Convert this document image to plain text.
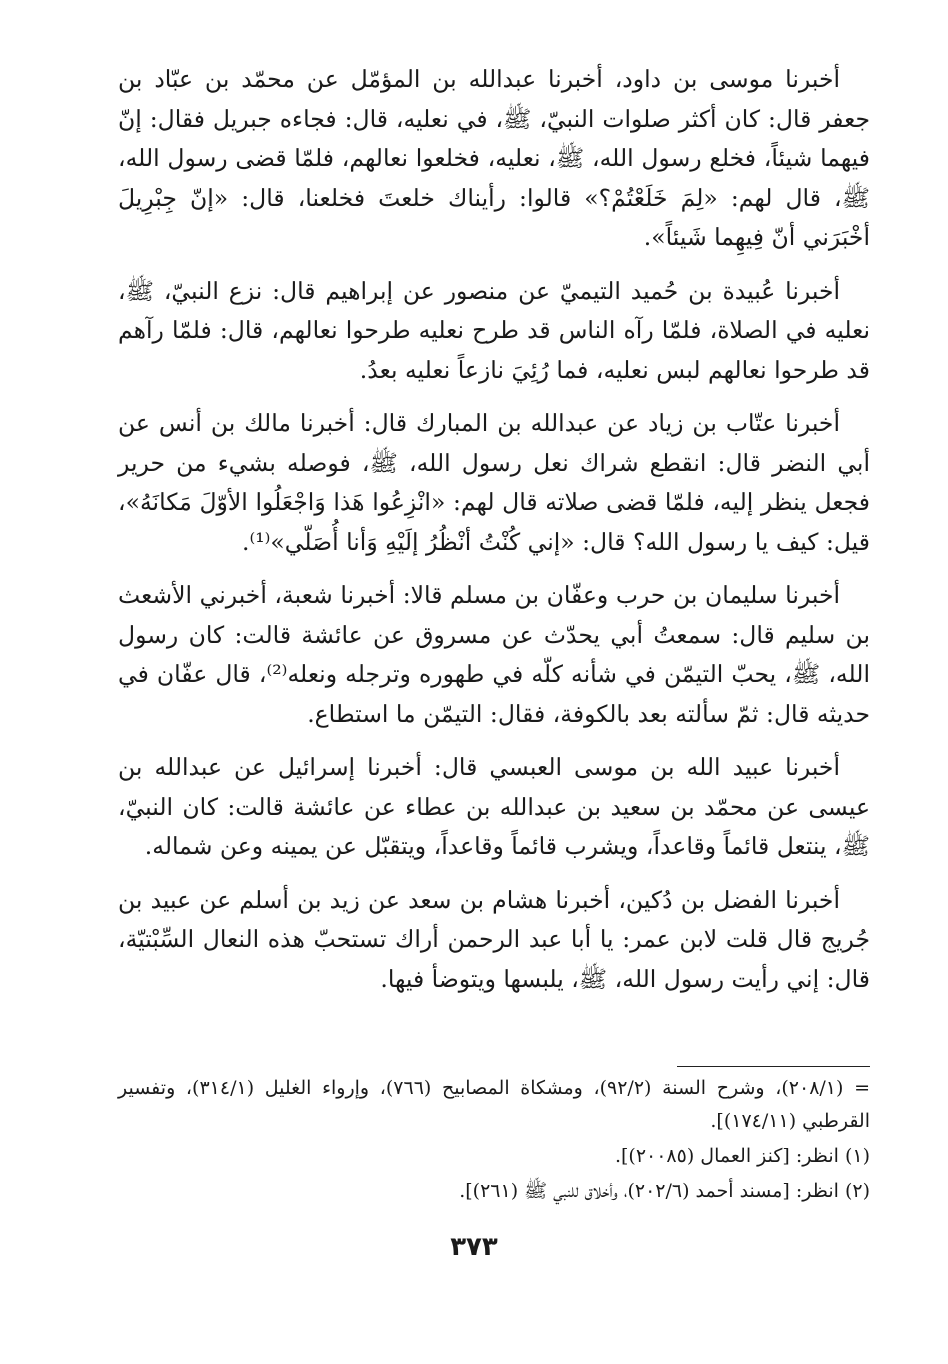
أخبرنا موسى بن داود، أخبرنا عبدالله بن المؤمّل عن محمّد بن عبّاد بن جعفر قال: كان أكثر صلوات النبيّ، ﷺ، في نعليه، قال: فجاءه جبريل فقال: إنّ فيهما شيئاً، فخلع رسول الله، ﷺ، نعليه، فخلعوا نعالهم، فلمّا قضى رسول الله، ﷺ، قال لهم: «لِمَ خَلَعْتُمْ؟» قالوا: رأيناك خلعتَ فخلعنا، قال: «إنّ جِبْرِيلَ أخْبَرَني أنّ فِيهِما شَيئاً».

أخبرنا عُبيدة بن حُميد التيميّ عن منصور عن إبراهيم قال: نزع النبيّ، ﷺ، نعليه في الصلاة، فلمّا رآه الناس قد طرح نعليه طرحوا نعالهم، قال: فلمّا رآهم قد طرحوا نعالهم لبس نعليه، فما رُئِيَ نازعاً نعليه بعدُ.

أخبرنا عتّاب بن زياد عن عبدالله بن المبارك قال: أخبرنا مالك بن أنس عن أبي النضر قال: انقطع شراك نعل رسول الله، ﷺ، فوصله بشيء من حرير فجعل ينظر إليه، فلمّا قضى صلاته قال لهم: «انْزِعُوا هَذا وَاجْعَلُوا الأوّلَ مَكانَهُ»، قيل: كيف يا رسول الله؟ قال: «إني كُنْتُ أنْظُرُ إلَيْهِ وَأنا أُصَلّي»⁽¹⁾.

أخبرنا سليمان بن حرب وعفّان بن مسلم قالا: أخبرنا شعبة، أخبرني الأشعث بن سليم قال: سمعتُ أبي يحدّث عن مسروق عن عائشة قالت: كان رسول الله، ﷺ، يحبّ التيمّن في شأنه كلّه في طهوره وترجله ونعله⁽²⁾، قال عفّان في حديثه قال: ثمّ سألته بعد بالكوفة، فقال: التيمّن ما استطاع.

أخبرنا عبيد الله بن موسى العبسي قال: أخبرنا إسرائيل عن عبدالله بن عيسى عن محمّد بن سعيد بن عبدالله بن عطاء عن عائشة قالت: كان النبيّ، ﷺ، ينتعل قائماً وقاعداً، ويشرب قائماً وقاعداً، ويتقبّل عن يمينه وعن شماله.

أخبرنا الفضل بن دُكين، أخبرنا هشام بن سعد عن زيد بن أسلم عن عبيد بن جُريج قال قلت لابن عمر: يا أبا عبد الرحمن أراك تستحبّ هذه النعال السِّبْتيّة، قال: إني رأيت رسول الله، ﷺ، يلبسها ويتوضأ فيها.

= (٢٠٨/١)، وشرح السنة (٩٢/٢)، ومشكاة المصابيح (٧٦٦)، وإرواء الغليل (٣١٤/١)، وتفسير القرطبي (١٧٤/١١)].

(١) انظر: [كنز العمال (٢٠٠٨٥)].

(٢) انظر: [مسند أحمد (٢٠٢/٦)، وأخلاق للنبي ﷺ (٢٦١)].

٣٧٣
